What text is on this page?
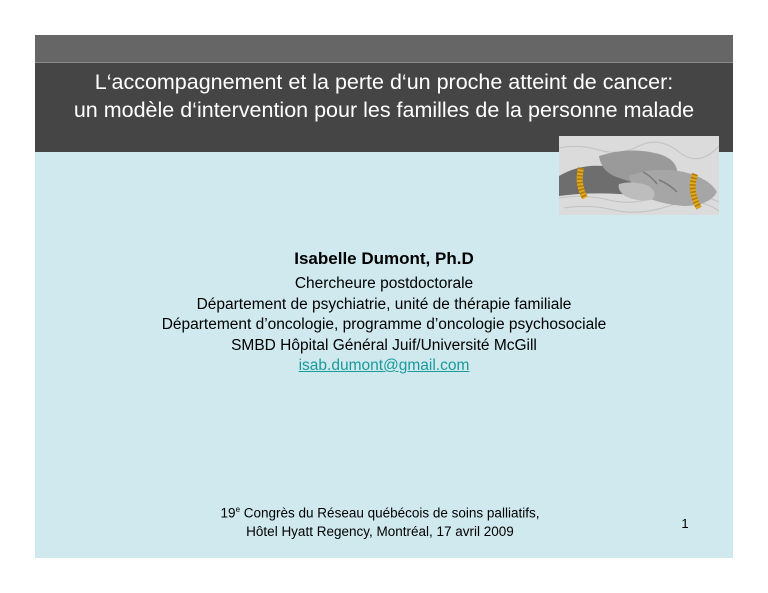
L‘accompagnement et la perte d‘un proche atteint de cancer:
un modèle d‘intervention pour les familles de la personne malade
Isabelle Dumont, Ph.D
Chercheure postdoctorale
Département de psychiatrie, unité de thérapie familiale
Département d’oncologie, programme d’oncologie psychosociale
SMBD Hôpital Général Juif/Université McGill
isab.dumont@gmail.com
19e Congrès du Réseau québécois de soins palliatifs,
Hôtel Hyatt Regency, Montréal, 17 avril 2009
1
